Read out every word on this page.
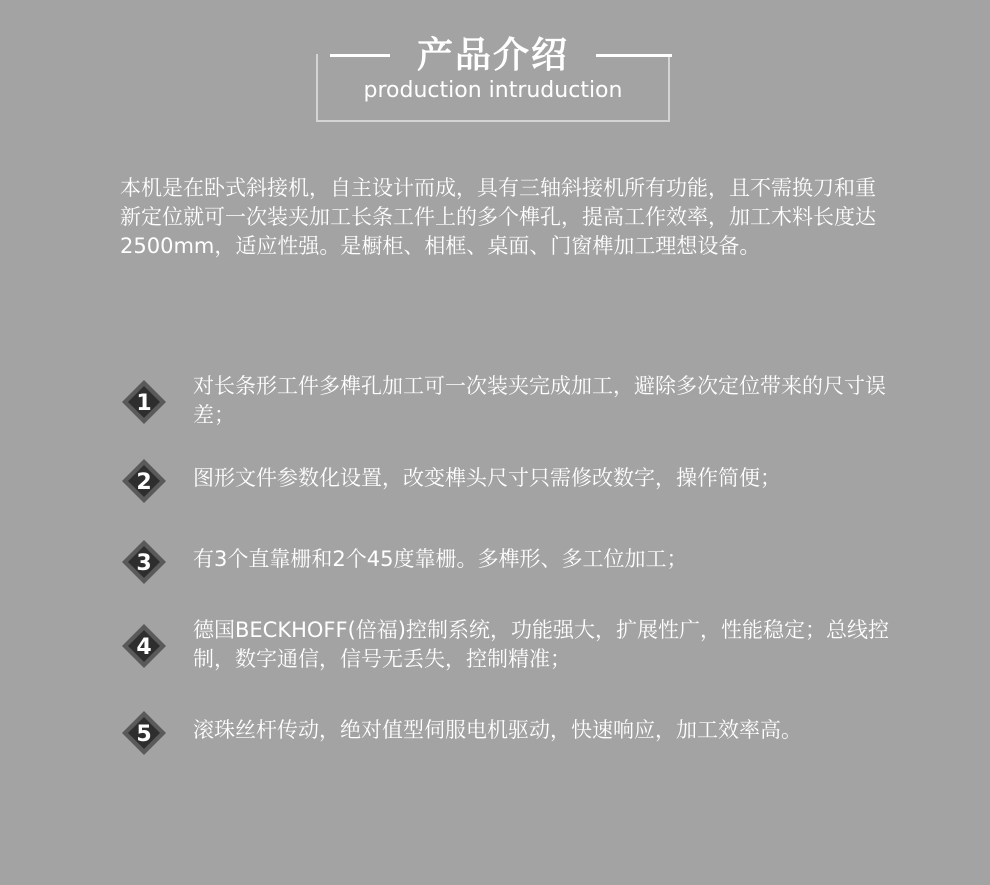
产品介绍
production intruduction

本机是在卧式斜接机，自主设计而成，具有三轴斜接机所有功能，且不需换刀和重新定位就可一次装夹加工长条工件上的多个榫孔，提高工作效率，加工木料长度达2500mm，适应性强。是橱柜、相框、桌面、门窗榫加工理想设备。

1

对长条形工件多榫孔加工可一次装夹完成加工，避除多次定位带来的尺寸误差；

2 图形文件参数化设置，改变榫头尺寸只需修改数字，操作简便；

3 有3个直靠栅和2个45度靠栅。多榫形、多工位加工；

4

德国BECKHOFF(倍福)控制系统，功能强大，扩展性广，性能稳定；总线控制，数字通信，信号无丢失，控制精准；

5 滚珠丝杆传动，绝对值型伺服电机驱动，快速响应，加工效率高。
